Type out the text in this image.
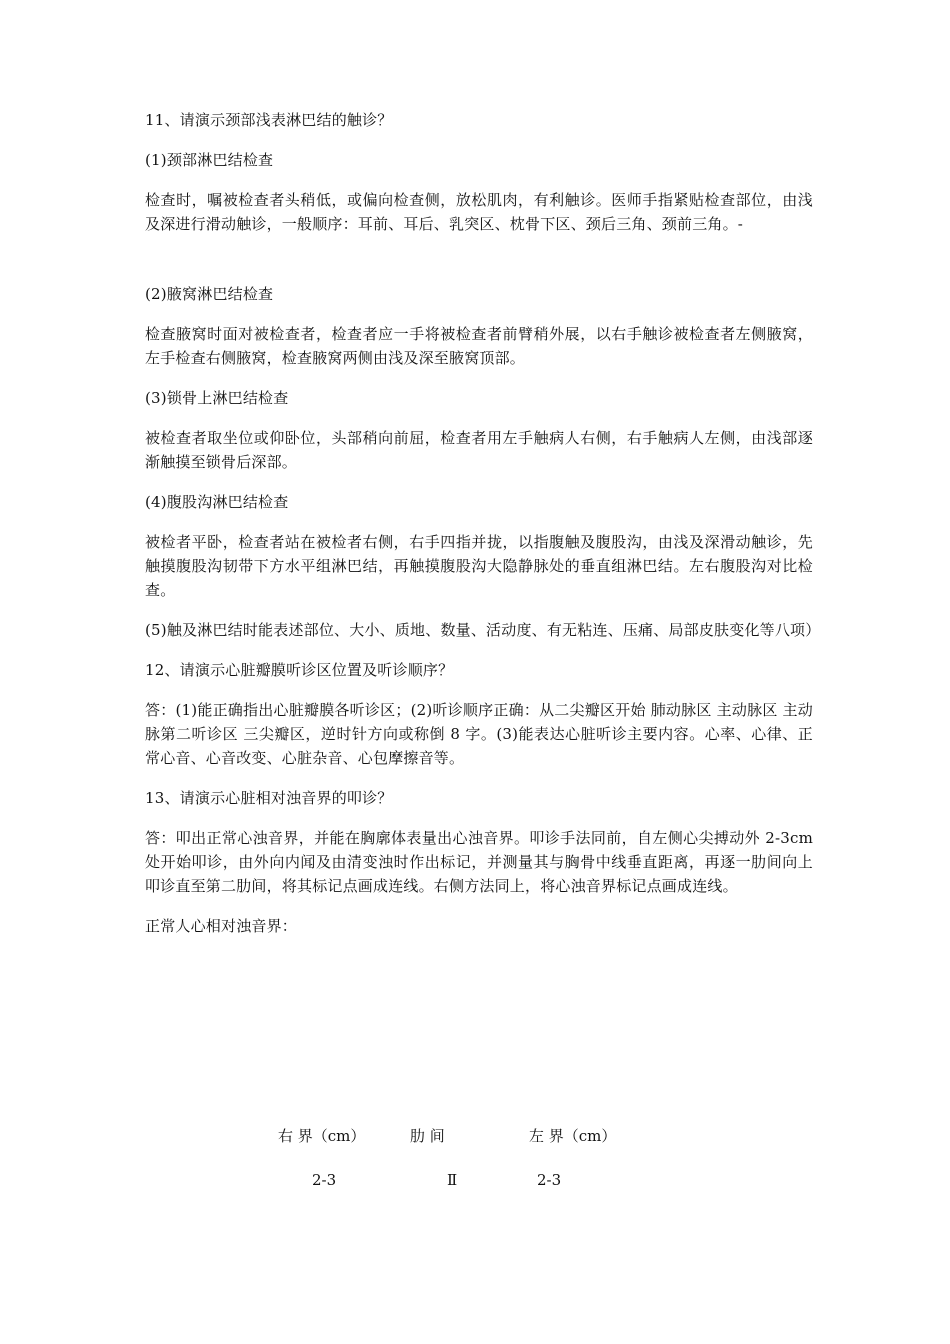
11、请演示颈部浅表淋巴结的触诊？

(1)颈部淋巴结检查

检查时，嘱被检查者头稍低，或偏向检查侧，放松肌肉，有利触诊。医师手指紧贴检查部位，由浅及深进行滑动触诊，一般顺序：耳前、耳后、乳突区、枕骨下区、颈后三角、颈前三角。-

(2)腋窝淋巴结检查

检查腋窝时面对被检查者，检查者应一手将被检查者前臂稍外展，以右手触诊被检查者左侧腋窝，左手检查右侧腋窝，检查腋窝两侧由浅及深至腋窝顶部。

(3)锁骨上淋巴结检查

被检查者取坐位或仰卧位，头部稍向前屈，检查者用左手触病人右侧，右手触病人左侧，由浅部逐渐触摸至锁骨后深部。

(4)腹股沟淋巴结检查

被检者平卧，检查者站在被检者右侧，右手四指并拢，以指腹触及腹股沟，由浅及深滑动触诊，先触摸腹股沟韧带下方水平组淋巴结，再触摸腹股沟大隐静脉处的垂直组淋巴结。左右腹股沟对比检查。

(5)触及淋巴结时能表述部位、大小、质地、数量、活动度、有无粘连、压痛、局部皮肤变化等八项）

12、请演示心脏瓣膜听诊区位置及听诊顺序？

答：(1)能正确指出心脏瓣膜各听诊区；(2)听诊顺序正确：从二尖瓣区开始 肺动脉区 主动脉区 主动脉第二听诊区 三尖瓣区，逆时针方向或称倒 8 字。(3)能表达心脏听诊主要内容。心率、心律、正常心音、心音改变、心脏杂音、心包摩擦音等。

13、请演示心脏相对浊音界的叩诊？

答：叩出正常心浊音界，并能在胸廓体表量出心浊音界。叩诊手法同前，自左侧心尖搏动外 2-3cm 处开始叩诊，由外向内闻及由清变浊时作出标记，并测量其与胸骨中线垂直距离，再逐一肋间向上叩诊直至第二肋间，将其标记点画成连线。右侧方法同上，将心浊音界标记点画成连线。

正常人心相对浊音界：

右 界（cm）	肋 间	左 界（cm）
2-3	Ⅱ	2-3
